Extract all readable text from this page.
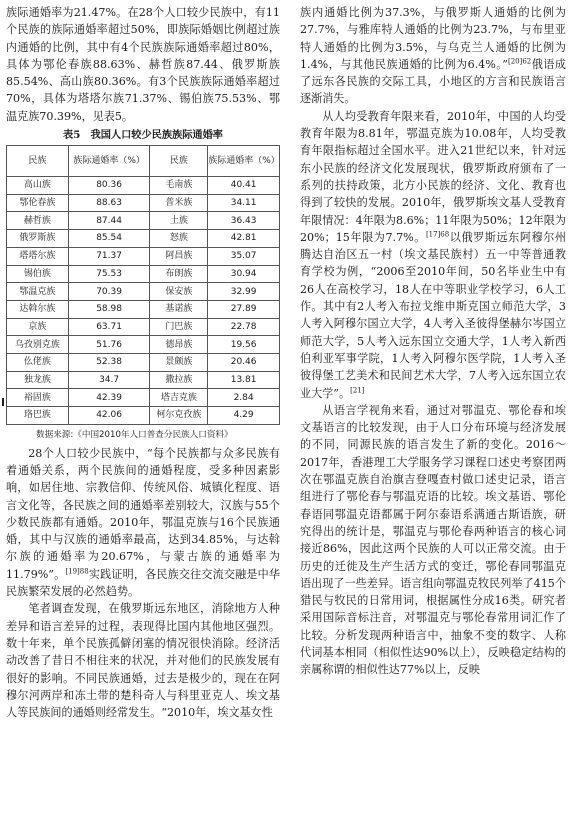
族际通婚率为21.47%。在28个人口较少民族中，有11个民族的族际通婚率超过50%，即族际婚姻比例超过族内通婚的比例，其中有4个民族族际通婚率超过80%，具体为鄂伦春族88.63%、赫哲族87.44、俄罗斯族85.54%、高山族80.36%。有3个民族族际通婚率超过70%，具体为塔塔尔族71.37%、锡伯族75.53%、鄂温克族70.39%，见表5。

表5　我国人口较少民族族际通婚率
民族	族际通婚率（%）	民族	族际通婚率（%）
高山族	80.36	毛南族	40.41
鄂伦春族	88.63	普米族	34.11
赫哲族	87.44	土族	36.43
俄罗斯族	85.54	怒族	42.81
塔塔尔族	71.37	阿昌族	35.07
锡伯族	75.53	布朗族	30.94
鄂温克族	70.39	保安族	32.99
达斡尔族	58.98	基诺族	27.89
京族	63.71	门巴族	22.78
乌孜别克族	51.76	德昂族	19.56
仫佬族	52.38	景颇族	20.46
独龙族	34.7	撒拉族	13.81
裕固族	42.39	塔吉克族	2.84
珞巴族	42.06	柯尔克孜族	4.29
数据来源:《中国2010年人口普查分民族人口资料》

28个人口较少民族中，“每个民族都与众多民族有着通婚关系，两个民族间的通婚程度，受多种因素影响，如居住地、宗教信仰、传统风俗、城镇化程度、语言文化等，各民族之间的通婚率差别较大，汉族与55个少数民族都有通婚。2010年，鄂温克族与16个民族通婚，其中与汉族的通婚率最高，达到34.85%，与达斡尔族的通婚率为20.67%，与蒙古族的通婚率为11.79%”。$^{[19]88}$实践证明，各民族交往交流交融是中华民族繁荣发展的必然趋势。

笔者调查发现，在俄罗斯远东地区，消除地方人种差异和语言差异的过程，表现得比国内其他地区强烈。数十年来，单个民族孤僻闭塞的情况很快消除。经济活动改善了昔日不相往来的状况，并对他们的民族发展有很好的影响。不同民族通婚，过去是极少的，现在在阿穆尔河两岸和冻土带的楚科奇人与科里亚克人、埃文基人等民族间的通婚则经常发生。“2010年，埃文基女性

族内通婚比例为37.3%，与俄罗斯人通婚的比例为27.7%，与雅库特人通婚的比例为23.7%，与布里亚特人通婚的比例为3.5%，与乌克兰人通婚的比例为1.4%，与其他民族通婚的比例为6.4%。”$^{[20]62}$俄语成了远东各民族的交际工具，小地区的方言和民族语言逐渐消失。

从人均受教育年限来看，2010年，中国的人均受教育年限为8.81年，鄂温克族为10.08年，人均受教育年限指标超过全国水平。进入21世纪以来，针对远东小民族的经济文化发展现状，俄罗斯政府颁布了一系列的扶持政策，北方小民族的经济、文化、教育也得到了较快的发展。2010年，俄罗斯埃文基人受教育年限情况：4年限为8.6%；11年限为50%；12年限为20%；15年限为7.7%。$^{[17]68}$以俄罗斯远东阿穆尔州腾达自治区五一村（埃文基民族村）五一中等普通教育学校为例，“2006至2010年间，50名毕业生中有26人在高校学习，18人在中等职业学校学习，6人工作。其中有2人考入布拉戈维申斯克国立师范大学，3人考入阿穆尔国立大学，4人考入圣彼得堡赫尔岑国立师范大学，5人考入远东国立交通大学，1人考入新西伯利亚军事学院，1人考入阿穆尔医学院，1人考入圣彼得堡工艺美术和民间艺术大学，7人考入远东国立农业大学”。[21]

从语言学视角来看，通过对鄂温克、鄂伦春和埃文基语言的比较发现，由于人口分布环境与经济发展的不同，同源民族的语言发生了新的变化。2016～2017年，香港理工大学服务学习课程口述史考察团两次在鄂温克族自治旗吉登嘎查村做口述史记录，语言组进行了鄂伦春与鄂温克语的比较。埃文基语、鄂伦春语同鄂温克语都属于阿尔泰语系满通古斯语族，研究得出的统计是，鄂温克与鄂伦春两种语言的核心词接近86%，因此这两个民族的人可以正常交流。由于历史的迁徙及生产生活方式的变迁，鄂伦春同鄂温克语出现了一些差异。语言组向鄂温克牧民列举了415个猎民与牧民的日常用词，根据属性分成16类。研究者采用国际音标注音，对鄂温克与鄂伦春常用词汇作了比较。分析发现两种语言中，抽象不变的数字、人称代词基本相同（相似性达90%以上），反映稳定结构的亲属称谓的相似性达77%以上，反映
